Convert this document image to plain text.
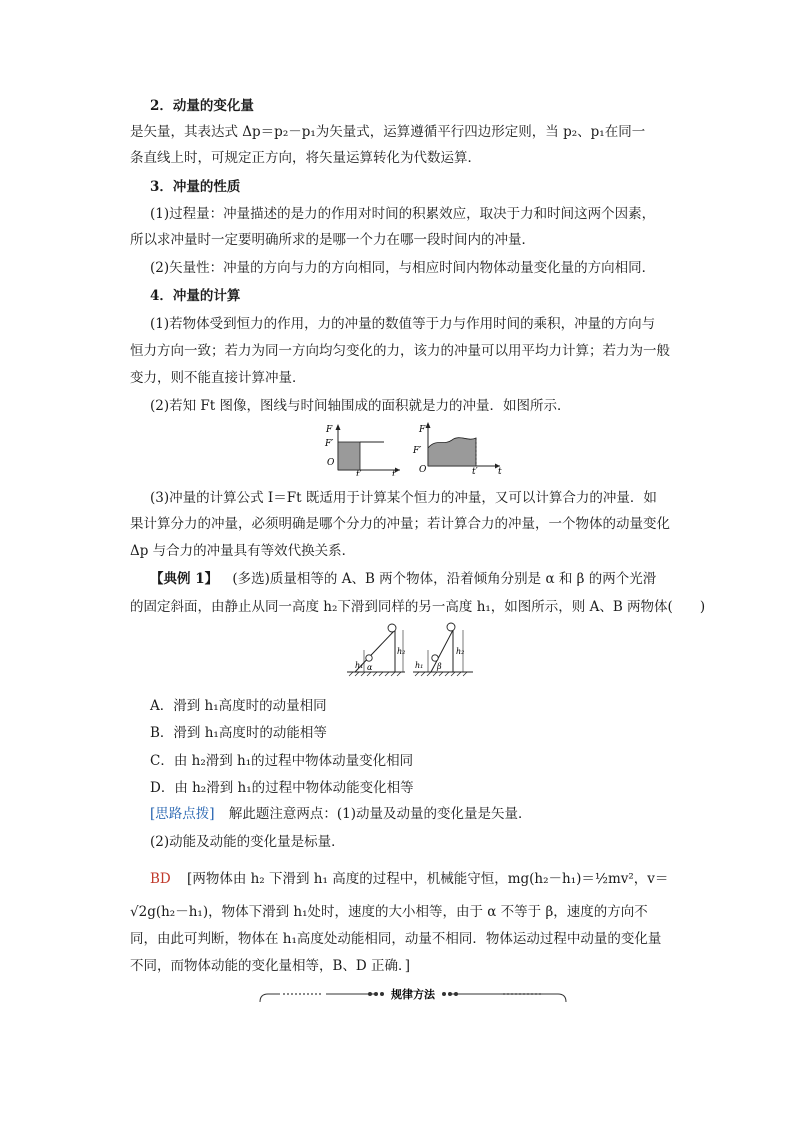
2．动量的变化量
是矢量，其表达式 Δp＝p₂－p₁为矢量式，运算遵循平行四边形定则，当 p₂、p₁在同一
条直线上时，可规定正方向，将矢量运算转化为代数运算．
3．冲量的性质
(1)过程量：冲量描述的是力的作用对时间的积累效应，取决于力和时间这两个因素，
所以求冲量时一定要明确所求的是哪一个力在哪一段时间内的冲量．
(2)矢量性：冲量的方向与力的方向相同，与相应时间内物体动量变化量的方向相同．
4．冲量的计算
(1)若物体受到恒力的作用，力的冲量的数值等于力与作用时间的乘积，冲量的方向与
恒力方向一致；若力为同一方向均匀变化的力，该力的冲量可以用平均力计算；若力为一般
变力，则不能直接计算冲量．
(2)若知 Ft 图像，图线与时间轴围成的面积就是力的冲量．如图所示．
F
F′
O
t′	t
F
F′
O	t′ t
(3)冲量的计算公式 I＝Ft 既适用于计算某个恒力的冲量，又可以计算合力的冲量．如
果计算分力的冲量，必须明确是哪个分力的冲量；若计算合力的冲量，一个物体的动量变化
Δp 与合力的冲量具有等效代换关系．
【典例 1】 (多选)质量相等的 A、B 两个物体，沿着倾角分别是 α 和 β 的两个光滑
的固定斜面，由静止从同一高度 h₂下滑到同样的另一高度 h₁，如图所示，则 A、B 两物体(　　)
h₁
h₂
α	h₁
h₂
β
A．滑到 h₁高度时的动量相同
B．滑到 h₁高度时的动能相等
C．由 h₂滑到 h₁的过程中物体动量变化相同
D．由 h₂滑到 h₁的过程中物体动能变化相等
[思路点拨] 解此题注意两点：(1)动量及动量的变化量是矢量．
(2)动能及动能的变化量是标量．
BD [两物体由 h₂ 下滑到 h₁ 高度的过程中，机械能守恒，mg(h₂－h₁)＝½mv²，v＝
√2g(h₂－h₁)，物体下滑到 h₁处时，速度的大小相等，由于 α 不等于 β，速度的方向不
同，由此可判断，物体在 h₁高度处动能相同，动量不相同．物体运动过程中动量的变化量
不同，而物体动能的变化量相等，B、D 正确．]
规律方法
